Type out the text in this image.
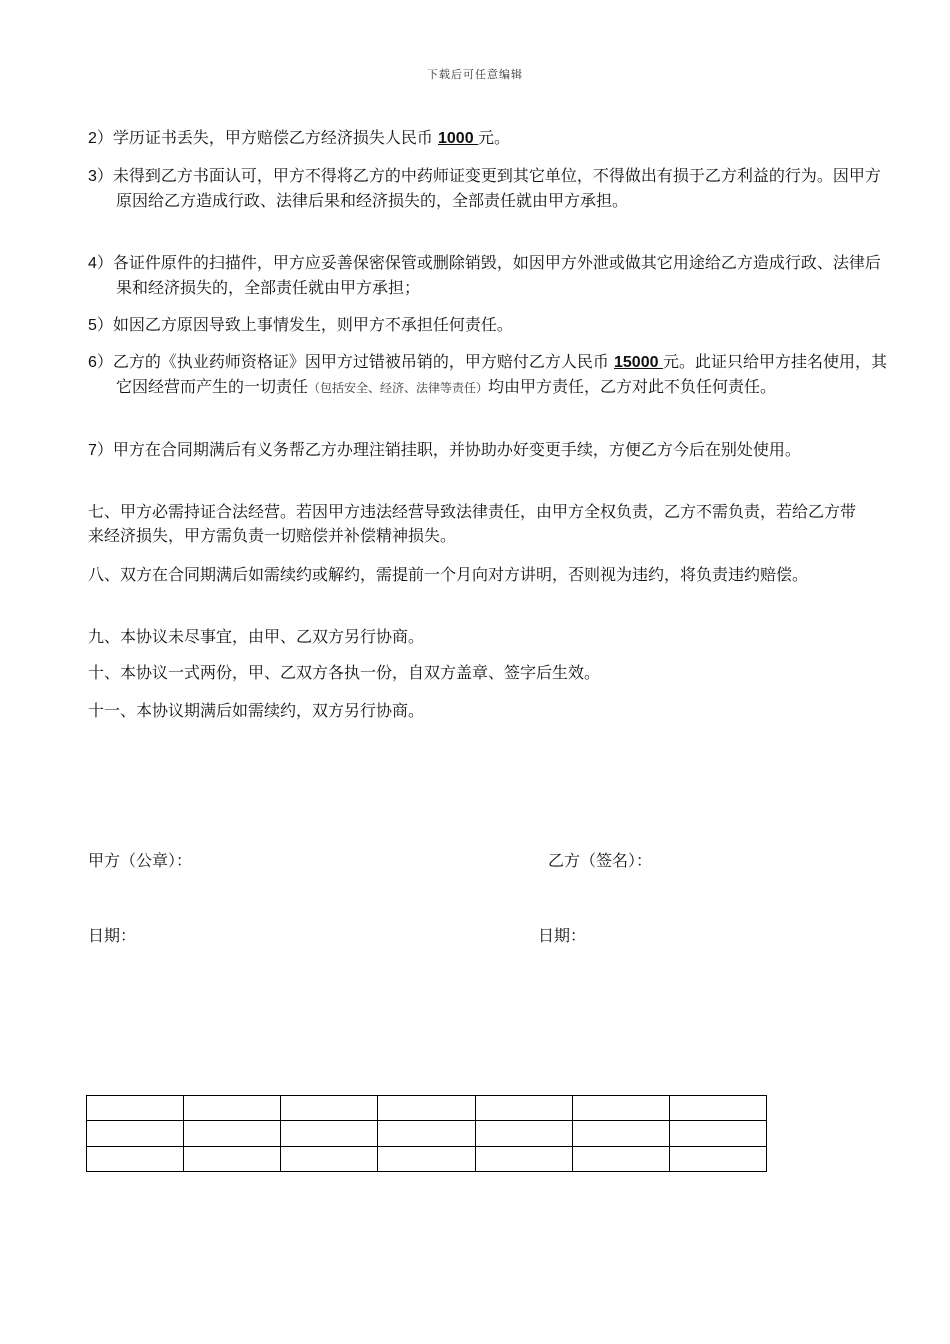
下载后可任意编辑
2）学历证书丢失，甲方赔偿乙方经济损失人民币 1000 元。
3）未得到乙方书面认可，甲方不得将乙方的中药师证变更到其它单位，不得做出有损于乙方利益的行为。因甲方原因给乙方造成行政、法律后果和经济损失的，全部责任就由甲方承担。
4）各证件原件的扫描件，甲方应妥善保密保管或删除销毁，如因甲方外泄或做其它用途给乙方造成行政、法律后果和经济损失的，全部责任就由甲方承担；
5）如因乙方原因导致上事情发生，则甲方不承担任何责任。
6）乙方的《执业药师资格证》因甲方过错被吊销的，甲方赔付乙方人民币 15000 元。此证只给甲方挂名使用，其它因经营而产生的一切责任（包括安全、经济、法律等责任）均由甲方责任，乙方对此不负任何责任。
7）甲方在合同期满后有义务帮乙方办理注销挂职，并协助办好变更手续，方便乙方今后在别处使用。
七、甲方必需持证合法经营。若因甲方违法经营导致法律责任，由甲方全权负责，乙方不需负责，若给乙方带来经济损失，甲方需负责一切赔偿并补偿精神损失。
八、双方在合同期满后如需续约或解约，需提前一个月向对方讲明，否则视为违约，将负责违约赔偿。
九、本协议未尽事宜，由甲、乙双方另行协商。
十、本协议一式两份，甲、乙双方各执一份，自双方盖章、签字后生效。
十一、本协议期满后如需续约，双方另行协商。
甲方（公章）：	乙方（签名）：
日期：	日期：
